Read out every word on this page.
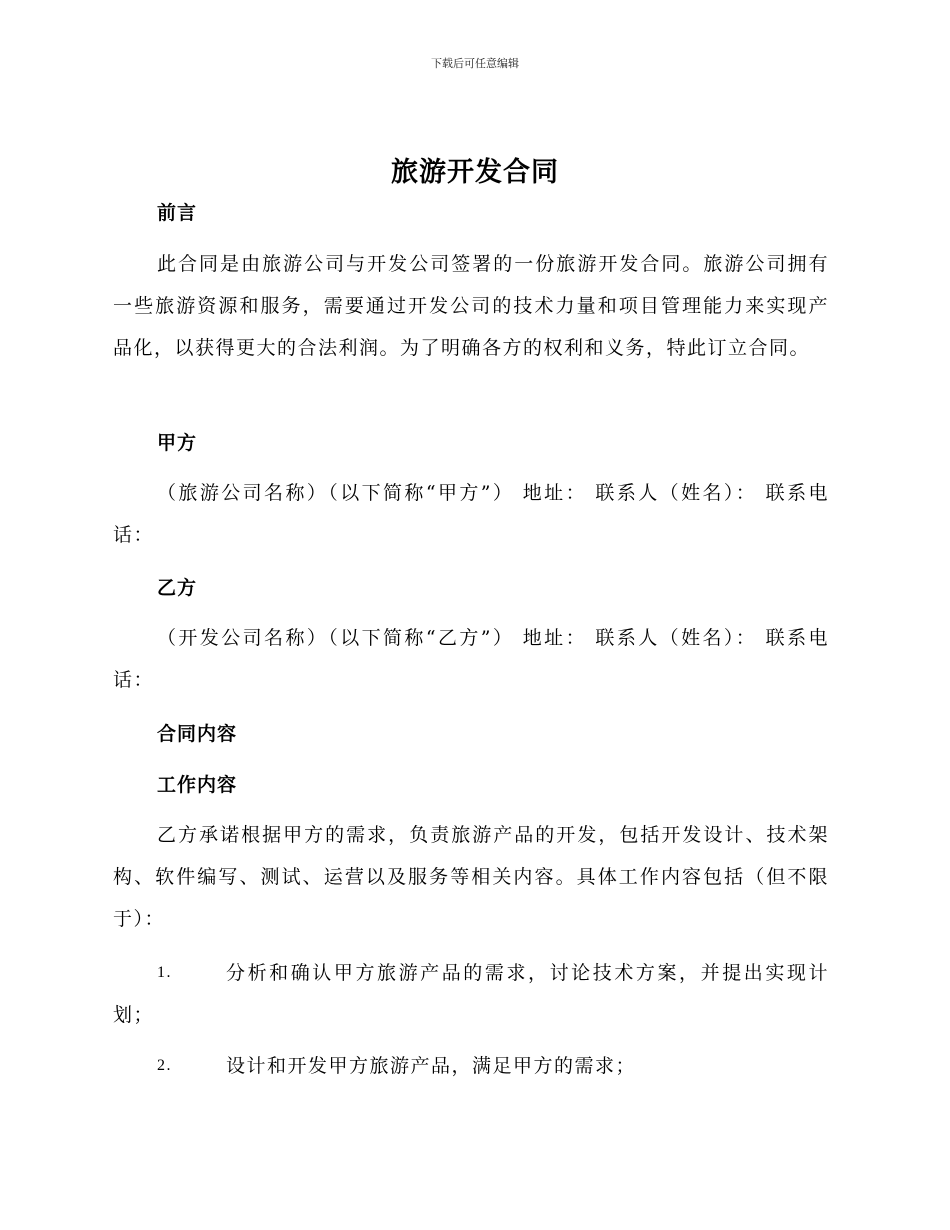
下载后可任意编辑
旅游开发合同
前言
此合同是由旅游公司与开发公司签署的一份旅游开发合同。旅游公司拥有一些旅游资源和服务，需要通过开发公司的技术力量和项目管理能力来实现产品化，以获得更大的合法利润。为了明确各方的权利和义务，特此订立合同。
甲方
（旅游公司名称）（以下简称“甲方”） 地址： 联系人（姓名）： 联系电话：
乙方
（开发公司名称）（以下简称“乙方”） 地址： 联系人（姓名）： 联系电话：
合同内容
工作内容
乙方承诺根据甲方的需求，负责旅游产品的开发，包括开发设计、技术架构、软件编写、测试、运营以及服务等相关内容。具体工作内容包括（但不限于）：
1.	分析和确认甲方旅游产品的需求，讨论技术方案，并提出实现计划；
2.	设计和开发甲方旅游产品，满足甲方的需求；
